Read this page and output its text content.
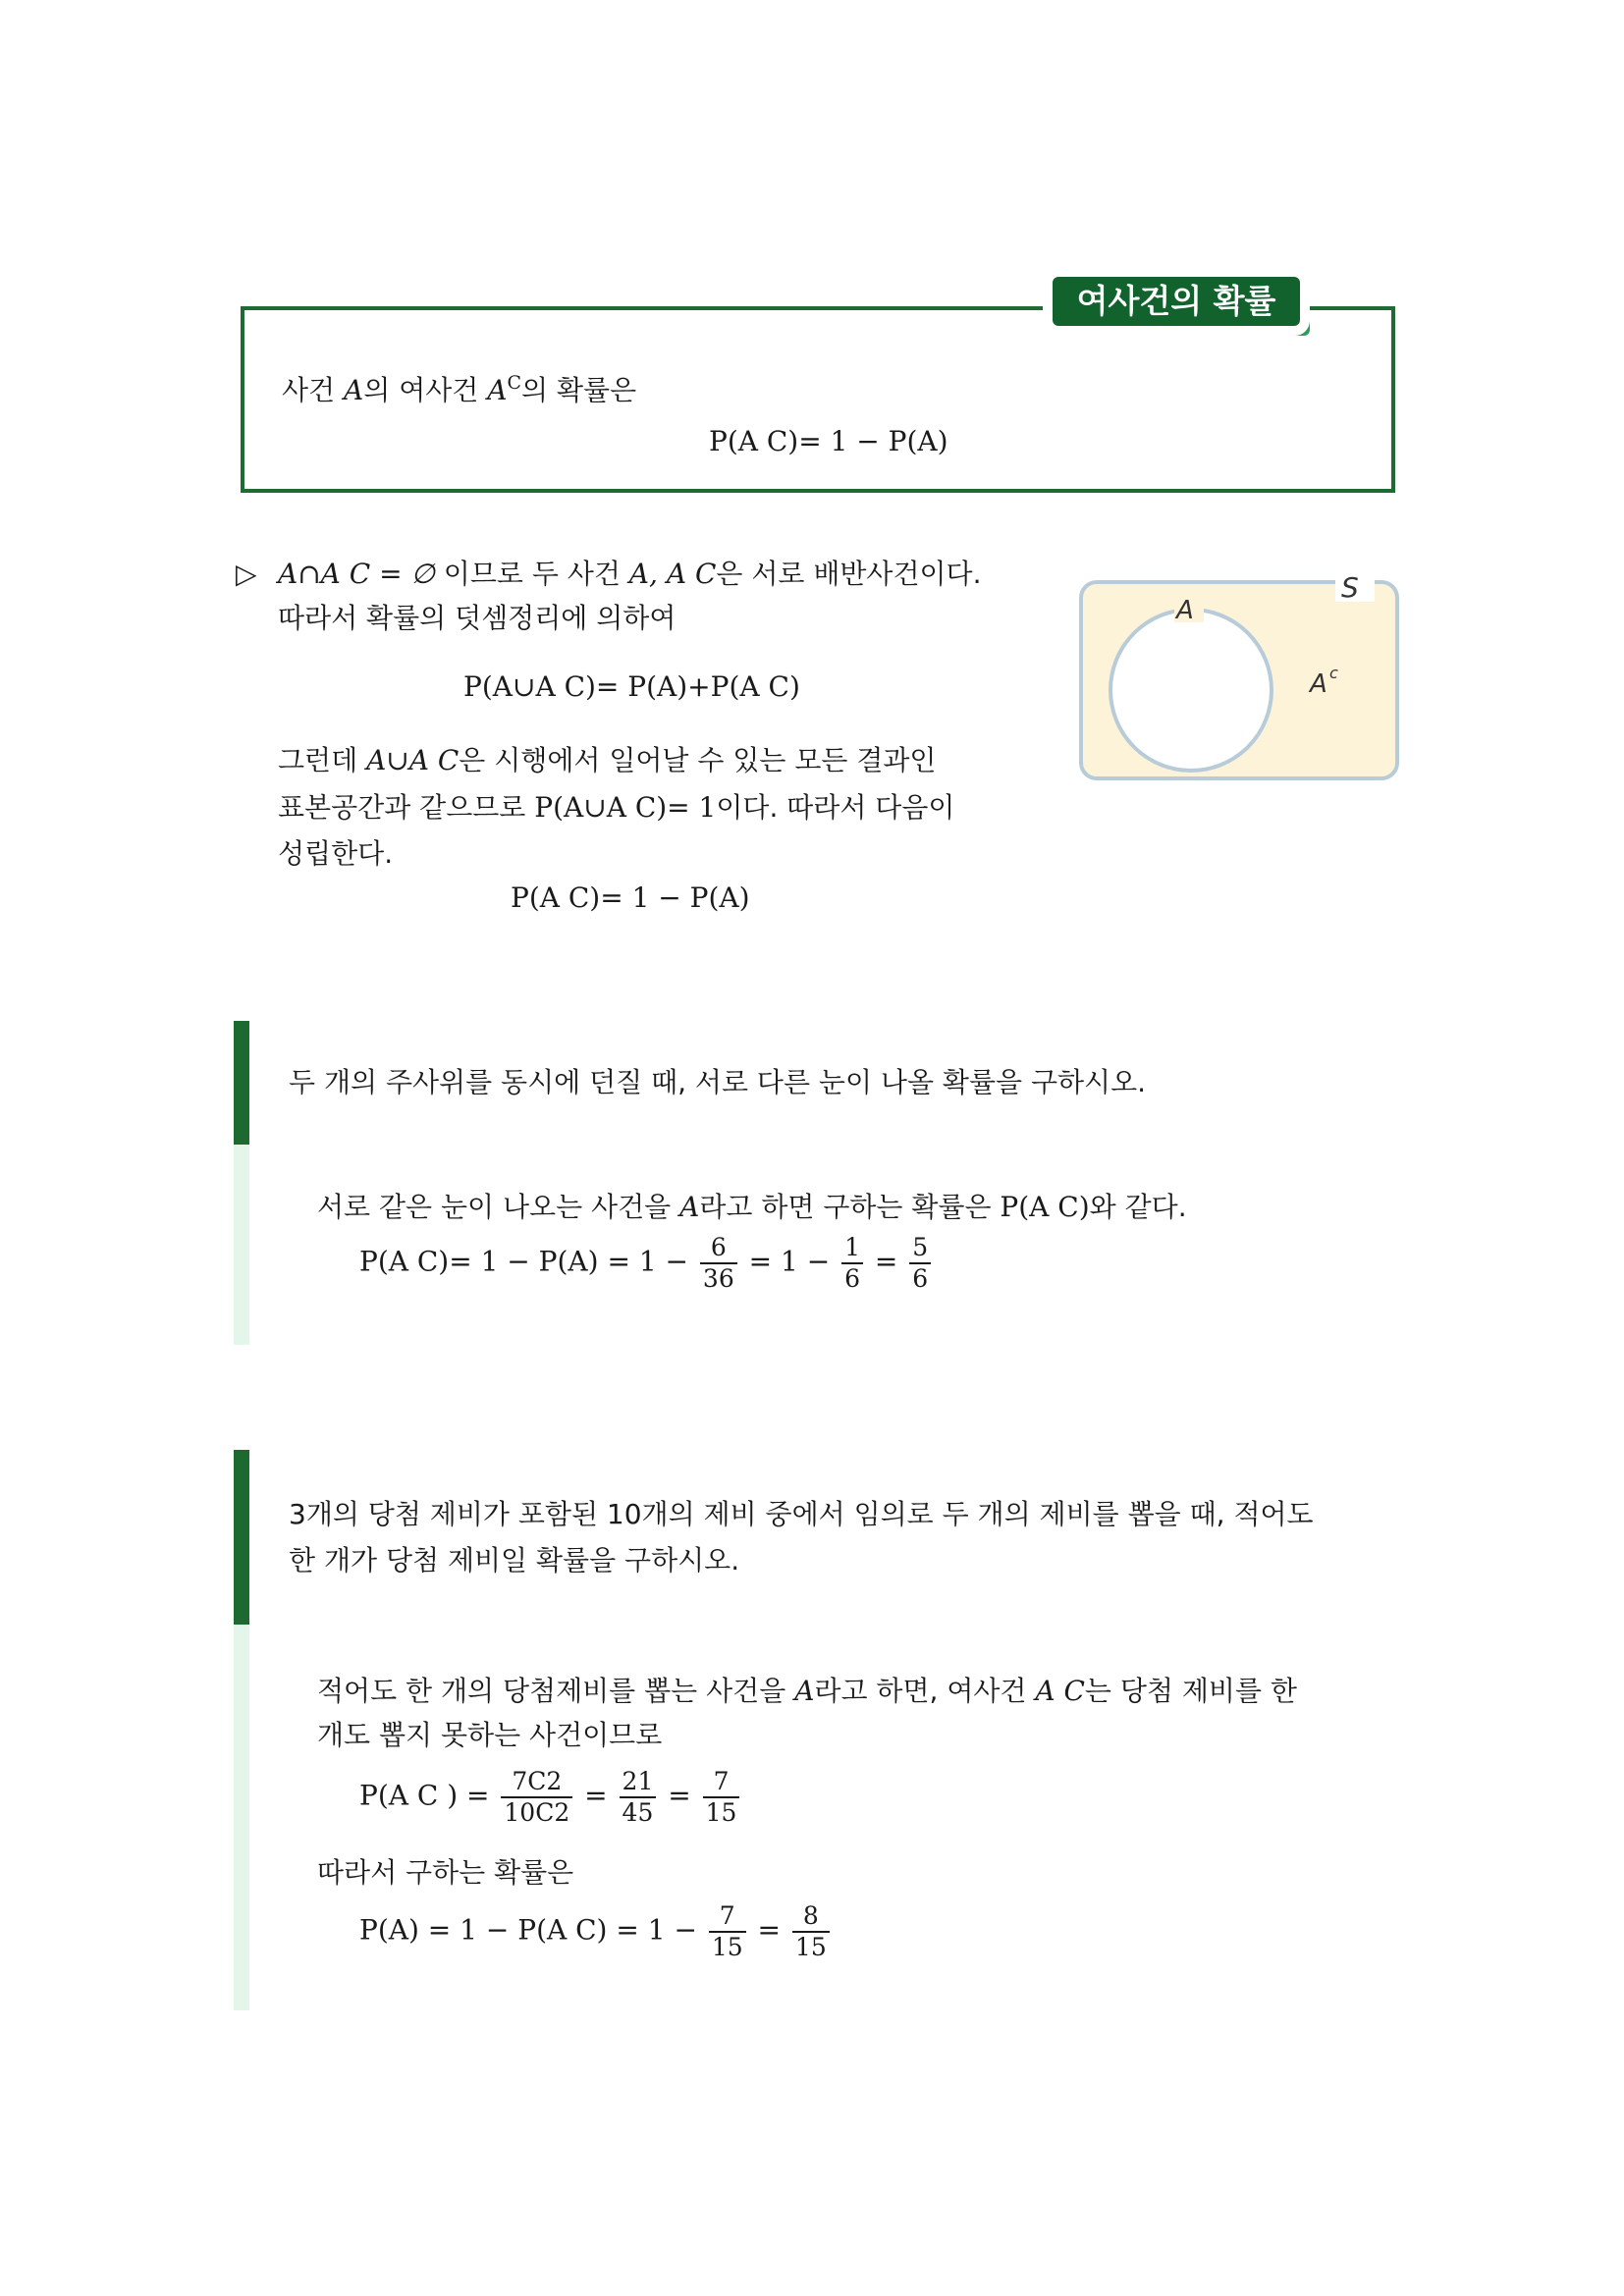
여사건의 확률
사건 A의 여사건 $A^C$의 확률은
P(A C)= 1 − P(A)
▷ A∩A C = ∅ 이므로 두 사건 A, A C은 서로 배반사건이다.
따라서 확률의 덧셈정리에 의하여
P(A∪A C)= P(A)+P(A C)
그런데 A∪A C은 시행에서 일어날 수 있는 모든 결과인
표본공간과 같으므로 P(A∪A C)= 1이다. 따라서 다음이
성립한다.
P(A C)= 1 − P(A)
S
A
A c
두 개의 주사위를 동시에 던질 때, 서로 다른 눈이 나올 확률을 구하시오.
서로 같은 눈이 나오는 사건을 A라고 하면 구하는 확률은 P(A C)와 같다.
P(A $C)= 1 - P(A) = 1 - \frac{6}{36} = 1 - \frac{1}{6} = \frac{5}{6}$
3개의 당첨 제비가 포함된 10개의 제비 중에서 임의로 두 개의 제비를 뽑을 때, 적어도
한 개가 당첨 제비일 확률을 구하시오.
적어도 한 개의 당첨제비를 뽑는 사건을 A라고 하면, 여사건 A C는 당첨 제비를 한
개도 뽑지 못하는 사건이므로
P(A C ) = $\frac{7C2}{10C2} = \frac{21}{45} = \frac{7}{15}$
따라서 구하는 확률은
P(A) = 1 − P(A $C) = 1 - \frac{7}{15} = \frac{8}{15}$
